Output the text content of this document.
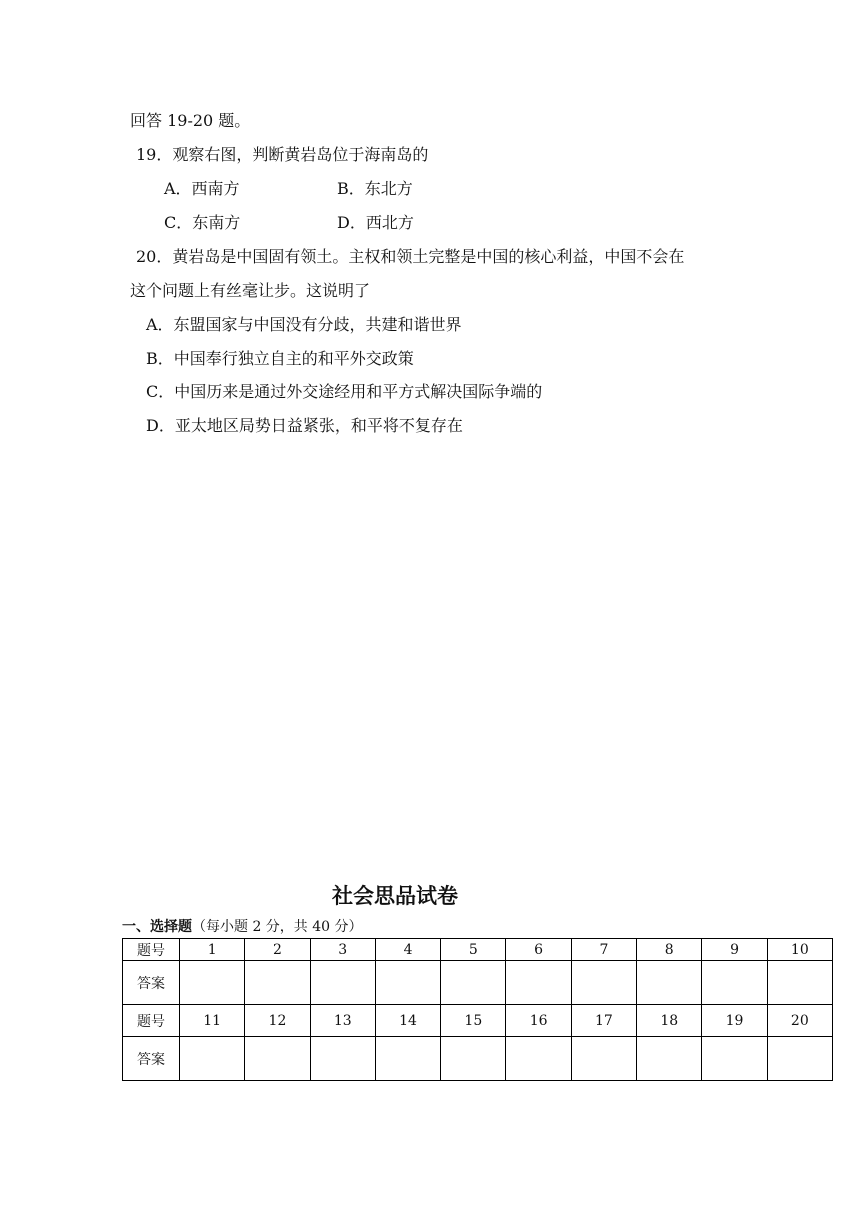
回答 19-20 题。
19．观察右图，判断黄岩岛位于海南岛的
A．西南方	B．东北方
C．东南方	D．西北方
20．黄岩岛是中国固有领土。主权和领土完整是中国的核心利益，中国不会在
这个问题上有丝毫让步。这说明了
A．东盟国家与中国没有分歧，共建和谐世界
B．中国奉行独立自主的和平外交政策
C．中国历来是通过外交途经用和平方式解决国际争端的
D．亚太地区局势日益紧张，和平将不复存在
社会思品试卷
一、选择题（每小题 2 分，共 40 分）
题号	1	2	3	4	5	6	7	8	9	10
答案										
题号	11	12	13	14	15	16	17	18	19	20
答案										
